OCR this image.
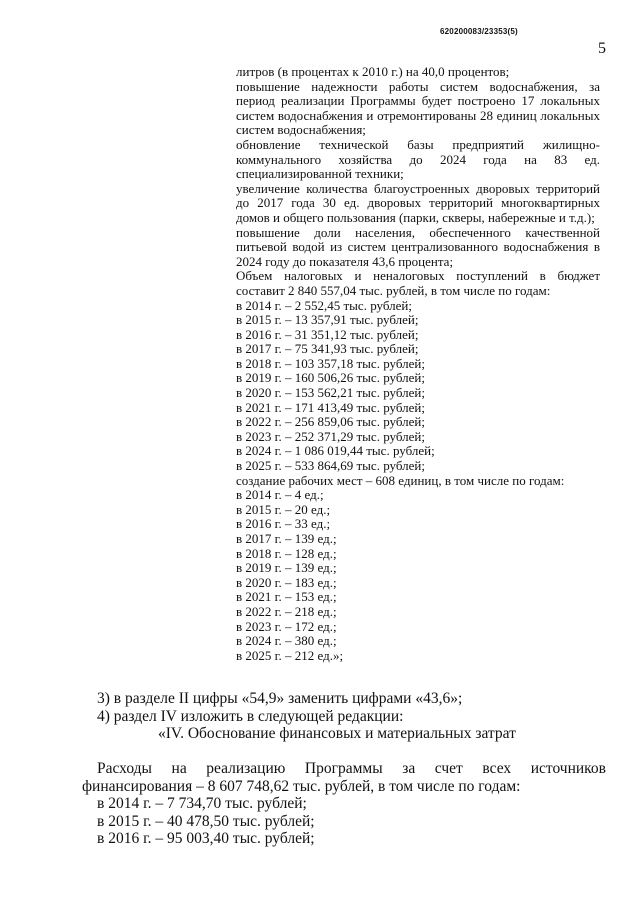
620200083/23353(5)
5

литров (в процентах к 2010 г.) на 40,0 процентов;

повышение надежности работы систем водоснабжения, за период реализации Программы будет построено 17 локальных систем водоснабжения и отремонтированы 28 единиц локальных систем водоснабжения;

обновление технической базы предприятий жилищно-коммунального хозяйства до 2024 года на 83 ед. специализированной техники;

увеличение количества благоустроенных дворовых территорий до 2017 года 30 ед. дворовых территорий многоквартирных домов и общего пользования (парки, скверы, набережные и т.д.);

повышение доли населения, обеспеченного качественной питьевой водой из систем централизованного водоснабжения в 2024 году до показателя 43,6 процента;

Объем налоговых и неналоговых поступлений в бюджет составит 2 840 557,04 тыс. рублей, в том числе по годам:

в 2014 г. – 2 552,45 тыс. рублей;

в 2015 г. – 13 357,91 тыс. рублей;

в 2016 г. – 31 351,12 тыс. рублей;

в 2017 г. – 75 341,93 тыс. рублей;

в 2018 г. – 103 357,18 тыс. рублей;

в 2019 г. – 160 506,26 тыс. рублей;

в 2020 г. – 153 562,21 тыс. рублей;

в 2021 г. – 171 413,49 тыс. рублей;

в 2022 г. – 256 859,06 тыс. рублей;

в 2023 г. – 252 371,29 тыс. рублей;

в 2024 г. – 1 086 019,44 тыс. рублей;

в 2025 г. – 533 864,69 тыс. рублей;

создание рабочих мест – 608 единиц, в том числе по годам:

в 2014 г. – 4 ед.;

в 2015 г. – 20 ед.;

в 2016 г. – 33 ед.;

в 2017 г. – 139 ед.;

в 2018 г. – 128 ед.;

в 2019 г. – 139 ед.;

в 2020 г. – 183 ед.;

в 2021 г. – 153 ед.;

в 2022 г. – 218 ед.;

в 2023 г. – 172 ед.;

в 2024 г. – 380 ед.;

в 2025 г. – 212 ед.»;

3) в разделе II цифры «54,9» заменить цифрами «43,6»;

4) раздел IV изложить в следующей редакции:

«IV. Обоснование финансовых и материальных затрат

Расходы на реализацию Программы за счет всех источников финансирования – 8 607 748,62 тыс. рублей, в том числе по годам:

в 2014 г. – 7 734,70 тыс. рублей;

в 2015 г. – 40 478,50 тыс. рублей;

в 2016 г. – 95 003,40 тыс. рублей;
